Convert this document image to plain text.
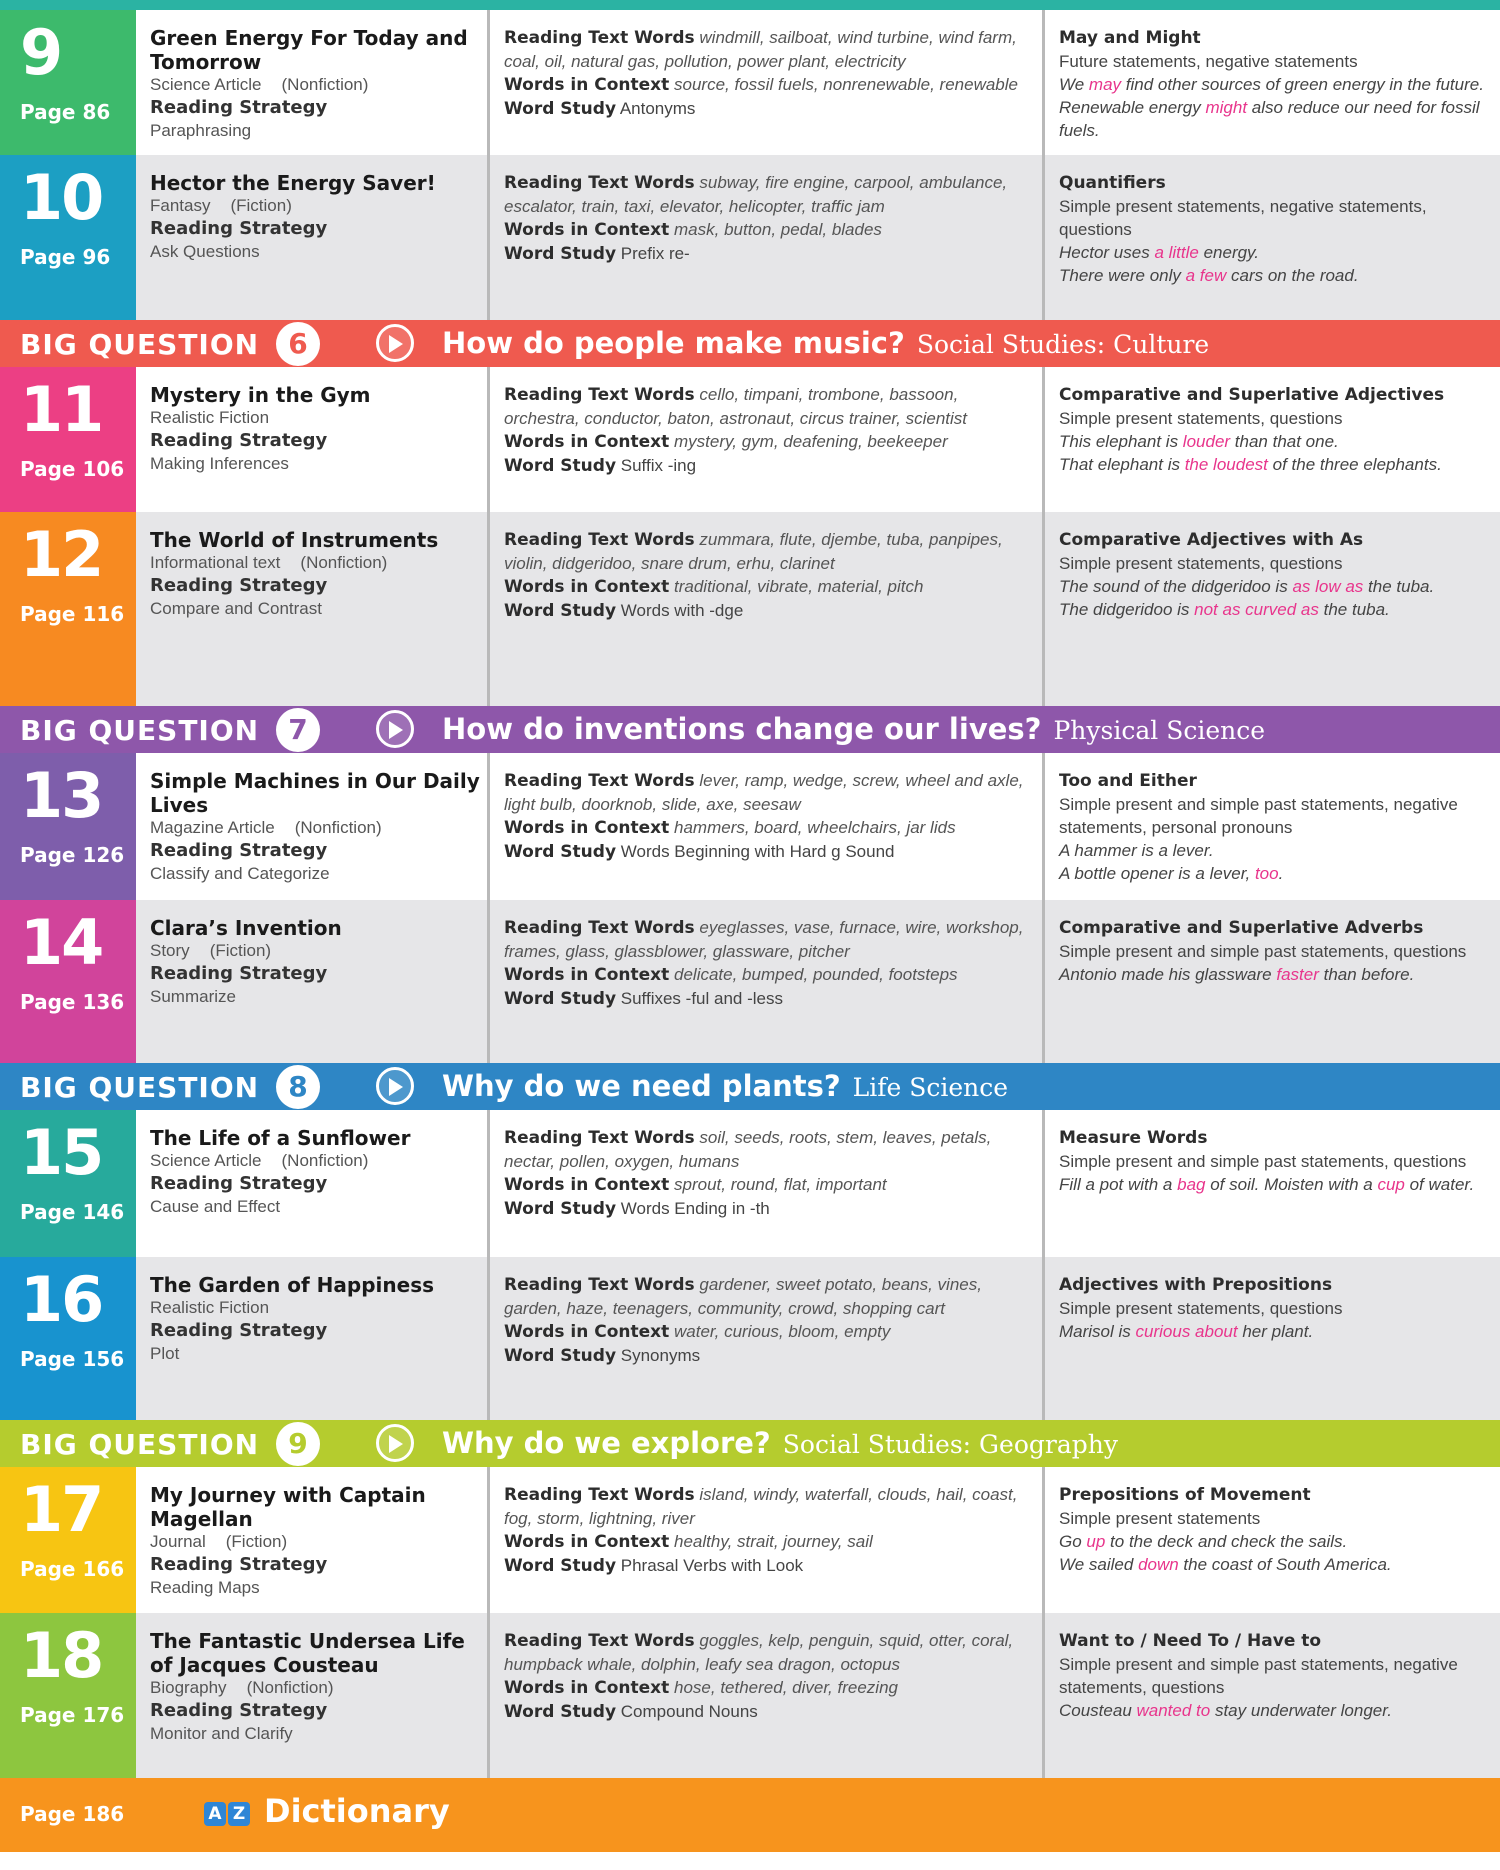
9
Page 86
Green Energy For Today and Tomorrow
Science Article (Nonfiction)
Reading Strategy
Paraphrasing

Reading Text Words windmill, sailboat, wind turbine, wind farm, coal, oil, natural gas, pollution, power plant, electricity

Words in Context source, fossil fuels, nonrenewable, renewable

Word Study Antonyms

May and Might
Future statements, negative statements
We may find other sources of green energy in the future.
Renewable energy might also reduce our need for fossil fuels.
10
Page 96
Hector the Energy Saver!
Fantasy (Fiction)
Reading Strategy
Ask Questions

Reading Text Words subway, fire engine, carpool, ambulance, escalator, train, taxi, elevator, helicopter, traffic jam

Words in Context mask, button, pedal, blades

Word Study Prefix re-

Quantifiers
Simple present statements, negative statements, questions
Hector uses a little energy.
There were only a few cars on the road.
BIG QUESTION	6	How do people make music? Social Studies: Culture
11
Page 106
Mystery in the Gym
Realistic Fiction
Reading Strategy
Making Inferences

Reading Text Words cello, timpani, trombone, bassoon, orchestra, conductor, baton, astronaut, circus trainer, scientist

Words in Context mystery, gym, deafening, beekeeper

Word Study Suffix -ing

Comparative and Superlative Adjectives
Simple present statements, questions
This elephant is louder than that one.
That elephant is the loudest of the three elephants.
12
Page 116
The World of Instruments
Informational text (Nonfiction)
Reading Strategy
Compare and Contrast

Reading Text Words zummara, flute, djembe, tuba, panpipes, violin, didgeridoo, snare drum, erhu, clarinet

Words in Context traditional, vibrate, material, pitch

Word Study Words with -dge

Comparative Adjectives with As
Simple present statements, questions
The sound of the didgeridoo is as low as the tuba.
The didgeridoo is not as curved as the tuba.
BIG QUESTION	7	How do inventions change our lives? Physical Science
13
Page 126
Simple Machines in Our Daily Lives
Magazine Article (Nonfiction)
Reading Strategy
Classify and Categorize

Reading Text Words lever, ramp, wedge, screw, wheel and axle, light bulb, doorknob, slide, axe, seesaw

Words in Context hammers, board, wheelchairs, jar lids

Word Study Words Beginning with Hard g Sound

Too and Either
Simple present and simple past statements, negative statements, personal pronouns
A hammer is a lever.
A bottle opener is a lever, too.
14
Page 136
Clara’s Invention
Story (Fiction)
Reading Strategy
Summarize

Reading Text Words eyeglasses, vase, furnace, wire, workshop, frames, glass, glassblower, glassware, pitcher

Words in Context delicate, bumped, pounded, footsteps

Word Study Suffixes -ful and -less

Comparative and Superlative Adverbs
Simple present and simple past statements, questions
Antonio made his glassware faster than before.
BIG QUESTION	8	Why do we need plants? Life Science
15
Page 146
The Life of a Sunflower
Science Article (Nonfiction)
Reading Strategy
Cause and Effect

Reading Text Words soil, seeds, roots, stem, leaves, petals, nectar, pollen, oxygen, humans

Words in Context sprout, round, flat, important

Word Study Words Ending in -th

Measure Words
Simple present and simple past statements, questions
Fill a pot with a bag of soil. Moisten with a cup of water.
16
Page 156
The Garden of Happiness
Realistic Fiction
Reading Strategy
Plot

Reading Text Words gardener, sweet potato, beans, vines, garden, haze, teenagers, community, crowd, shopping cart

Words in Context water, curious, bloom, empty

Word Study Synonyms

Adjectives with Prepositions
Simple present statements, questions
Marisol is curious about her plant.
BIG QUESTION	9	Why do we explore? Social Studies: Geography
17
Page 166
My Journey with Captain Magellan
Journal (Fiction)
Reading Strategy
Reading Maps

Reading Text Words island, windy, waterfall, clouds, hail, coast, fog, storm, lightning, river

Words in Context healthy, strait, journey, sail

Word Study Phrasal Verbs with Look

Prepositions of Movement
Simple present statements
Go up to the deck and check the sails.
We sailed down the coast of South America.
18
Page 176
The Fantastic Undersea Life of Jacques Cousteau
Biography (Nonfiction)
Reading Strategy
Monitor and Clarify

Reading Text Words goggles, kelp, penguin, squid, otter, coral, humpback whale, dolphin, leafy sea dragon, octopus

Words in Context hose, tethered, diver, freezing

Word Study Compound Nouns

Want to / Need To / Have to
Simple present and simple past statements, negative statements, questions
Cousteau wanted to stay underwater longer.
Page 186	A Z Dictionary
